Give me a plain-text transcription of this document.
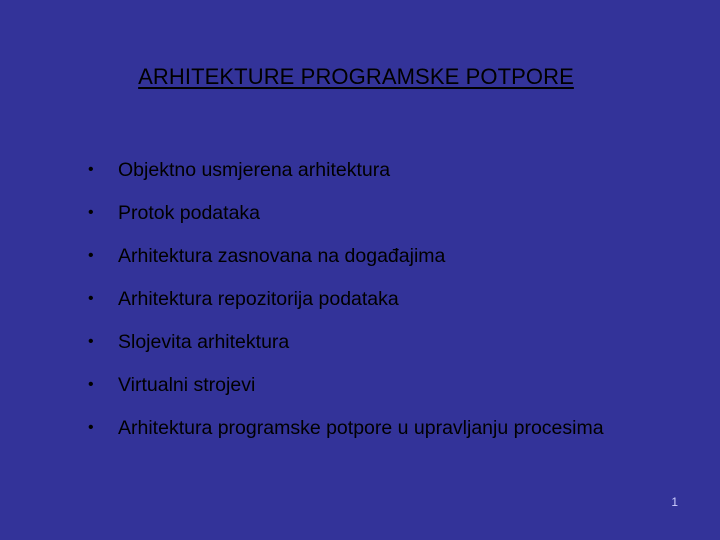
ARHITEKTURE PROGRAMSKE POTPORE
•	Objektno usmjerena arhitektura
•	Protok podataka
•	Arhitektura zasnovana na događajima
•	Arhitektura repozitorija podataka
•	Slojevita arhitektura
•	Virtualni strojevi
•	Arhitektura programske potpore u upravljanju procesima
1
